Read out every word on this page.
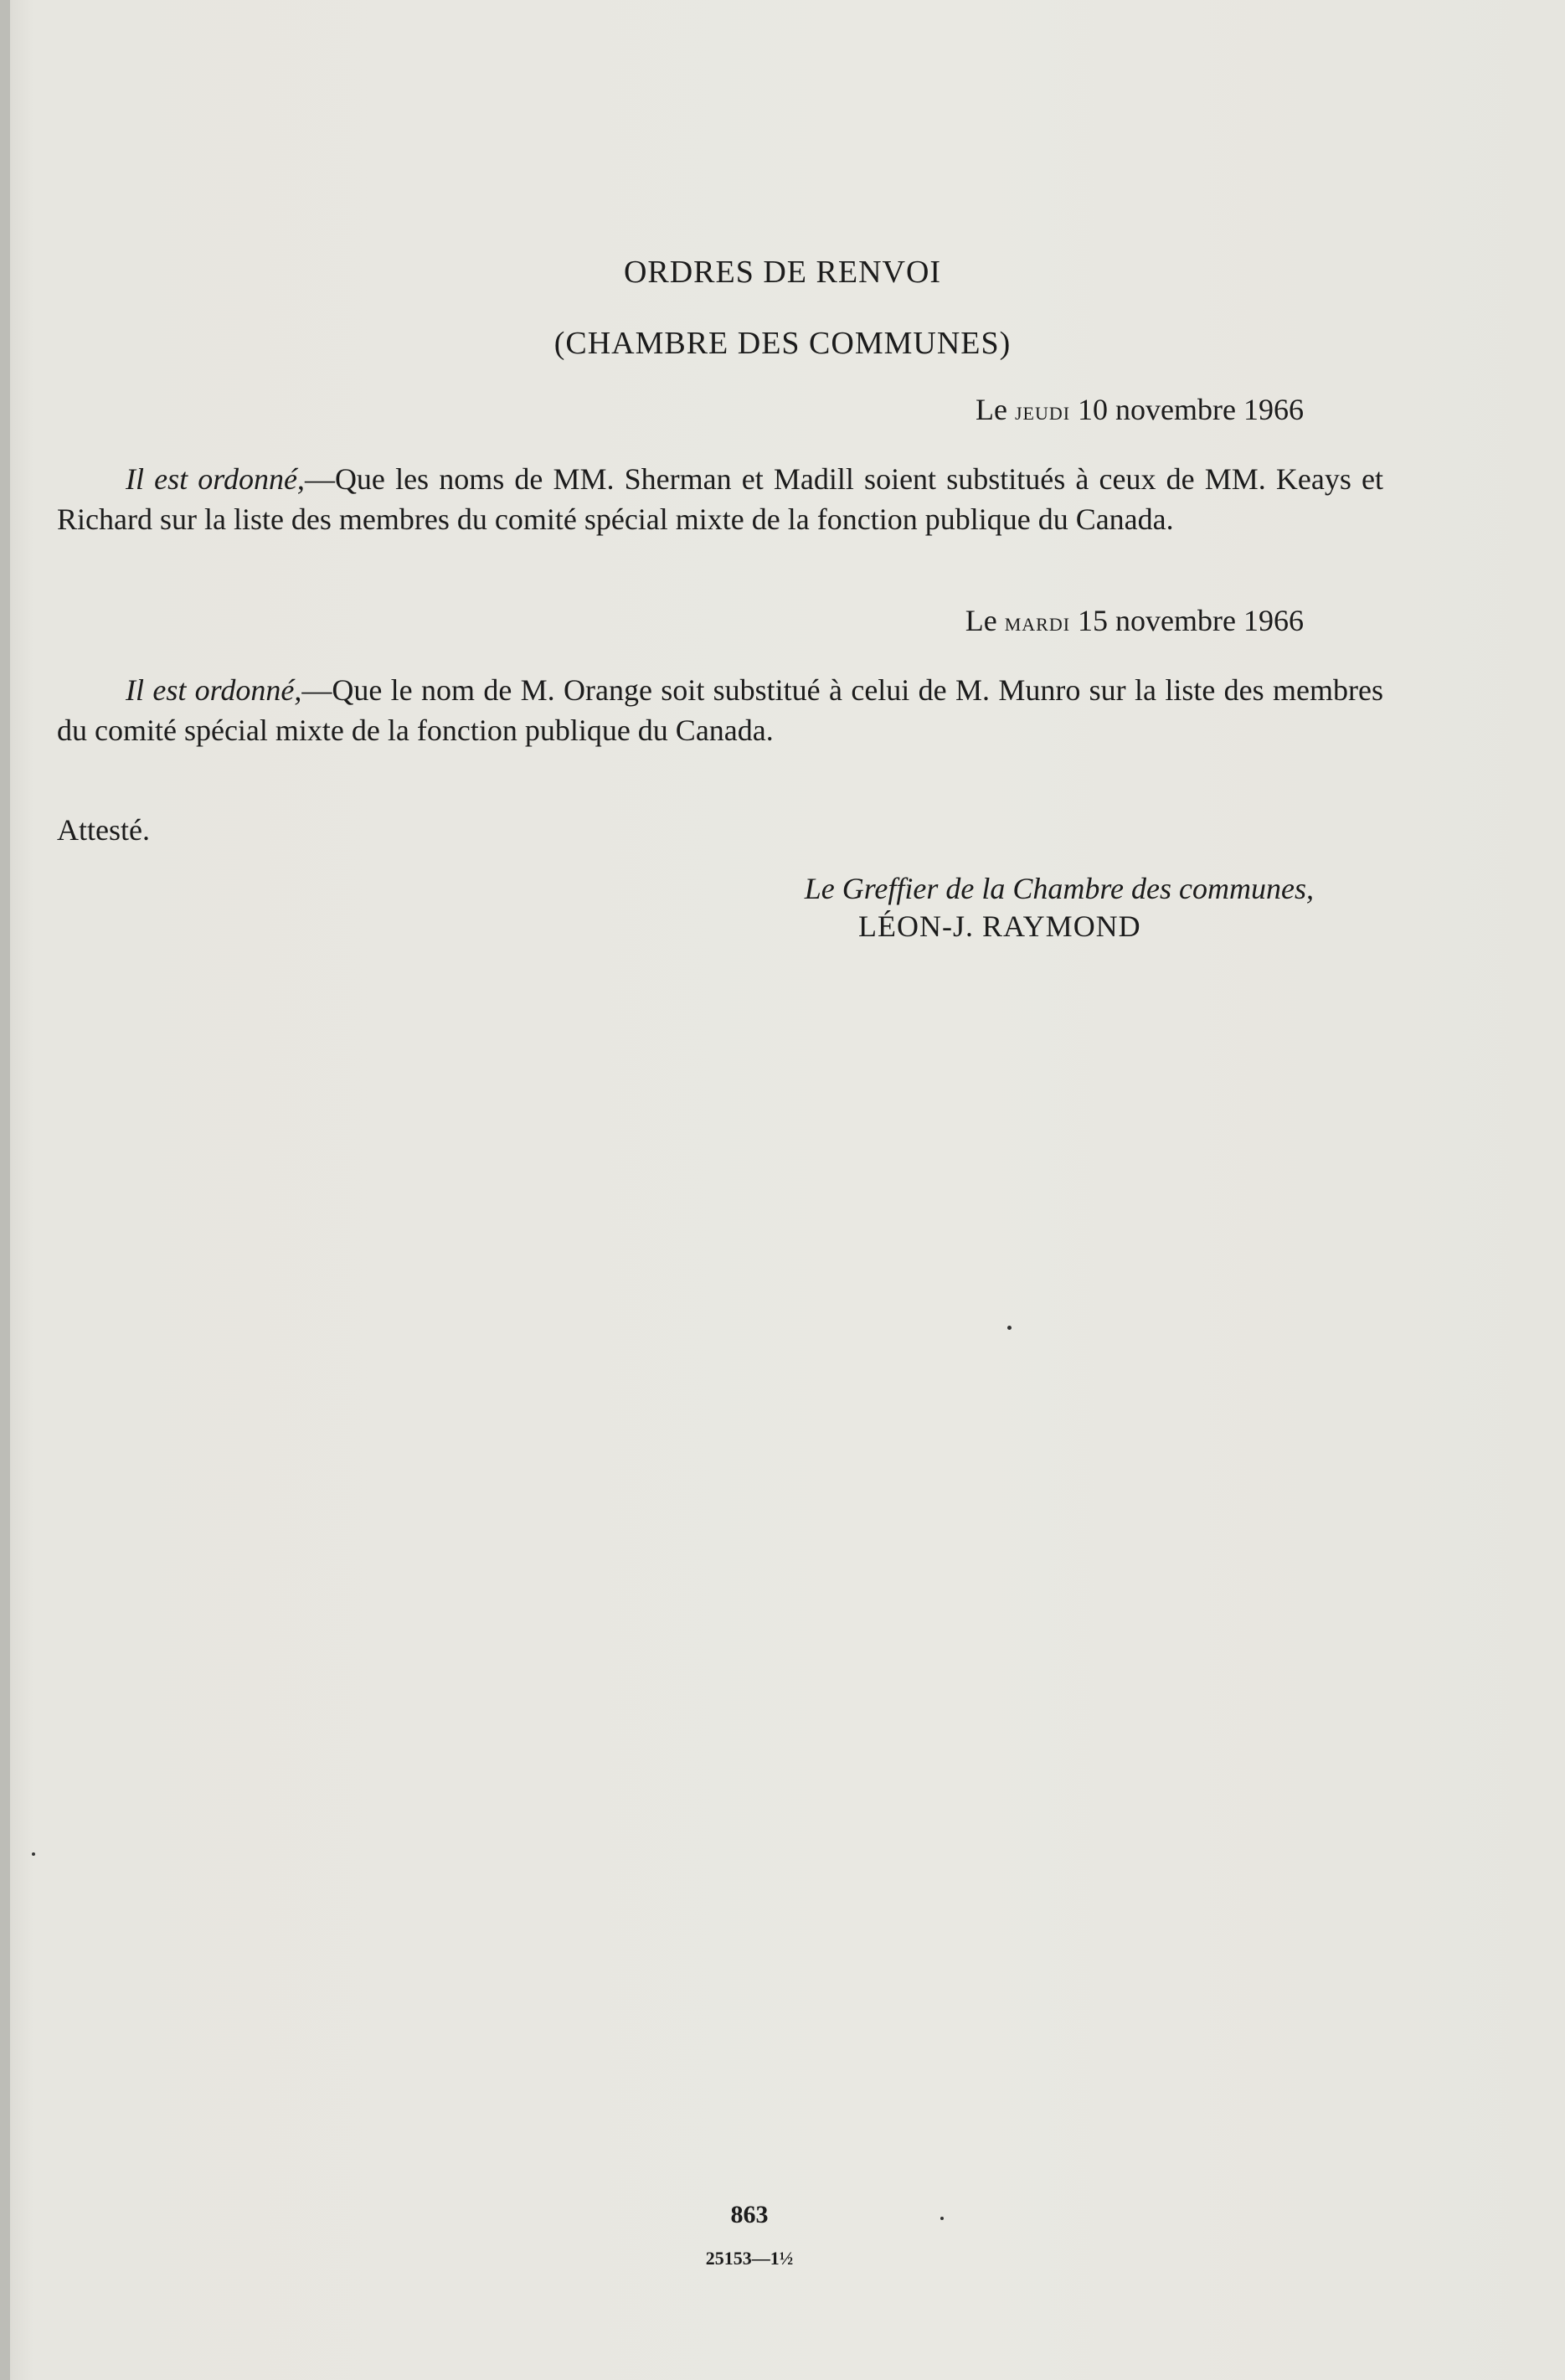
ORDRES DE RENVOI

(CHAMBRE DES COMMUNES)

Le jeudi 10 novembre 1966

Il est ordonné,—Que les noms de MM. Sherman et Madill soient substitués à ceux de MM. Keays et Richard sur la liste des membres du comité spécial mixte de la fonction publique du Canada.

Le mardi 15 novembre 1966

Il est ordonné,—Que le nom de M. Orange soit substitué à celui de M. Munro sur la liste des membres du comité spécial mixte de la fonction publique du Canada.

Attesté.

Le Greffier de la Chambre des communes,

LÉON-J. RAYMOND

863

25153—1½
